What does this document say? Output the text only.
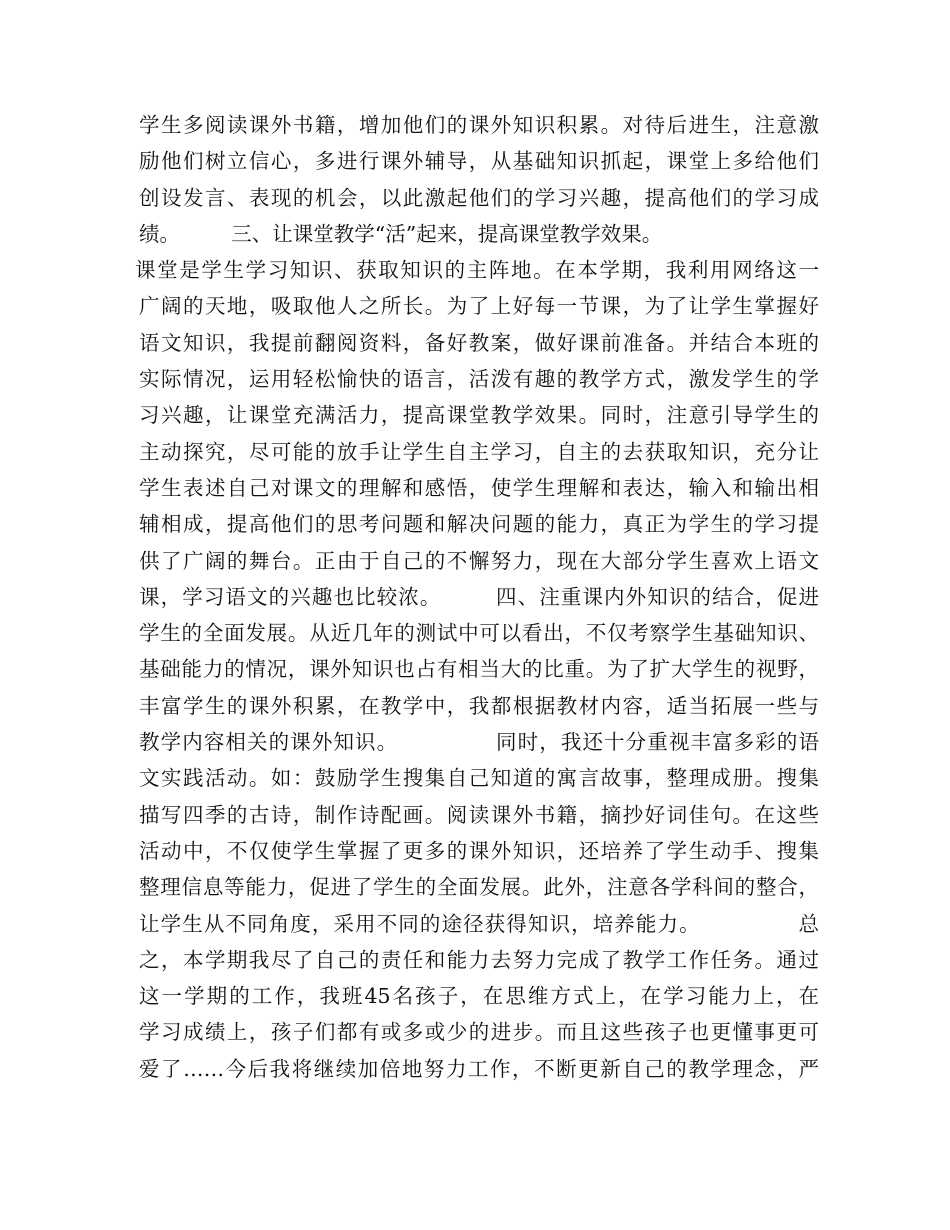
学生多阅读课外书籍，增加他们的课外知识积累。对待后进生，注意激
励他们树立信心，多进行课外辅导，从基础知识抓起，课堂上多给他们
创设发言、表现的机会，以此激起他们的学习兴趣，提高他们的学习成
绩。　　　三、让课堂教学“活”起来，提高课堂教学效果。
课堂是学生学习知识、获取知识的主阵地。在本学期，我利用网络这一
广阔的天地，吸取他人之所长。为了上好每一节课，为了让学生掌握好
语文知识，我提前翻阅资料，备好教案，做好课前准备。并结合本班的
实际情况，运用轻松愉快的语言，活泼有趣的教学方式，激发学生的学
习兴趣，让课堂充满活力，提高课堂教学效果。同时，注意引导学生的
主动探究，尽可能的放手让学生自主学习，自主的去获取知识，充分让
学生表述自己对课文的理解和感悟，使学生理解和表达，输入和输出相
辅相成，提高他们的思考问题和解决问题的能力，真正为学生的学习提
供了广阔的舞台。正由于自己的不懈努力，现在大部分学生喜欢上语文
课，学习语文的兴趣也比较浓。　　　四、注重课内外知识的结合，促进
学生的全面发展。从近几年的测试中可以看出，不仅考察学生基础知识、
基础能力的情况，课外知识也占有相当大的比重。为了扩大学生的视野，
丰富学生的课外积累，在教学中，我都根据教材内容，适当拓展一些与
教学内容相关的课外知识。　　　　　同时，我还十分重视丰富多彩的语
文实践活动。如：鼓励学生搜集自己知道的寓言故事，整理成册。搜集
描写四季的古诗，制作诗配画。阅读课外书籍，摘抄好词佳句。在这些
活动中，不仅使学生掌握了更多的课外知识，还培养了学生动手、搜集
整理信息等能力，促进了学生的全面发展。此外，注意各学科间的整合，
让学生从不同角度，采用不同的途径获得知识，培养能力。　　　　　总
之，本学期我尽了自己的责任和能力去努力完成了教学工作任务。通过
这一学期的工作，我班45名孩子，在思维方式上，在学习能力上，在
学习成绩上，孩子们都有或多或少的进步。而且这些孩子也更懂事更可
爱了……今后我将继续加倍地努力工作，不断更新自己的教学理念，严
